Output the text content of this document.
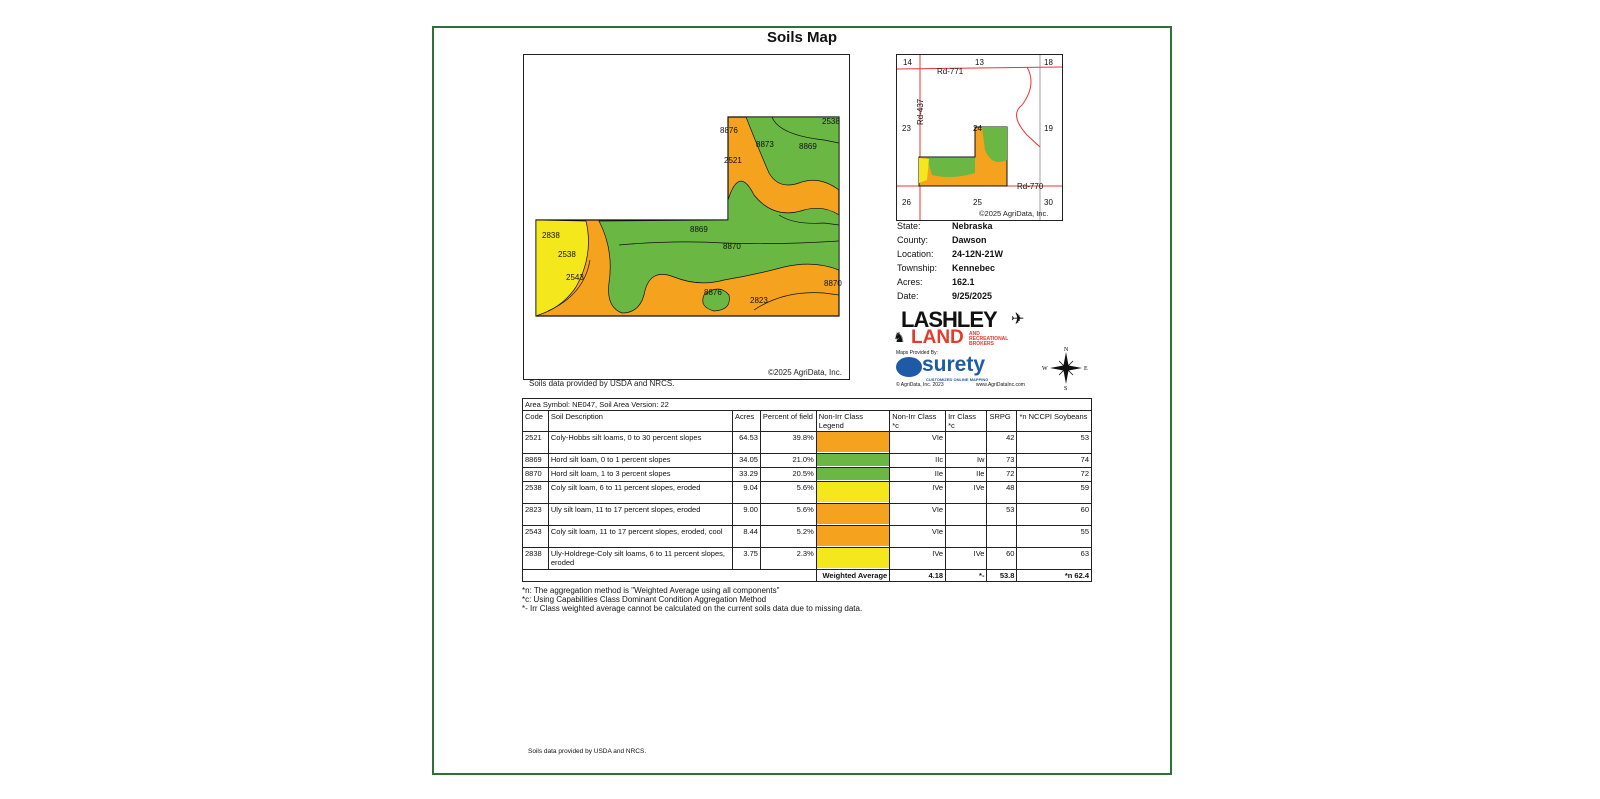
Soils Map
8876
2538
8873	8869
2521
8869
8870
2838
2538
2543
8876
2823
8870
©2025 AgriData, Inc.
Soils data provided by USDA and NRCS.
Rd-771
Rd-437
Rd-770
14	13	18
23	24	19
26	25	30
©2025 AgriData, Inc.
State:	Nebraska
County:	Dawson
Location: 24-12N-21W
Township: Kennebec
Acres:	162.1
Date:	9/25/2025
LASHLEY
LAND AND
RECREATIONAL
BROKERS
✈
♞
Maps Provided By:
surety
CUSTOMIZED ONLINE MAPPING
© AgriData, Inc. 2023	www.AgriDataInc.com
N
S
E
W
Area Symbol: NE047, Soil Area Version: 22								
Code	Soil Description	Acres	Percent of field	Non-Irr Class Legend	Non-Irr Class *c	Irr Class *c	SRPG	*n NCCPI Soybeans
2521	Coly-Hobbs silt loams, 0 to 30 percent slopes	64.53	39.8%		VIe		42	53
8869	Hord silt loam, 0 to 1 percent slopes	34.05	21.0%		IIc	Iw	73	74
8870	Hord silt loam, 1 to 3 percent slopes	33.29	20.5%		IIe	IIe	72	72
2538	Coly silt loam, 6 to 11 percent slopes, eroded	9.04	5.6%		IVe	IVe	48	59
2823	Uly silt loam, 11 to 17 percent slopes, eroded	9.00	5.6%		VIe		53	60
2543	Coly silt loam, 11 to 17 percent slopes, eroded, cool	8.44	5.2%		VIe			55
2838	Uly-Holdrege-Coly silt loams, 6 to 11 percent slopes, eroded	3.75	2.3%		IVe	IVe	60	63
				Weighted Average	4.18	*-	53.8	*n 62.4
*n: The aggregation method is "Weighted Average using all components"
*c: Using Capabilities Class Dominant Condition Aggregation Method
*- Irr Class weighted average cannot be calculated on the current soils data due to missing data.
Soils data provided by USDA and NRCS.
